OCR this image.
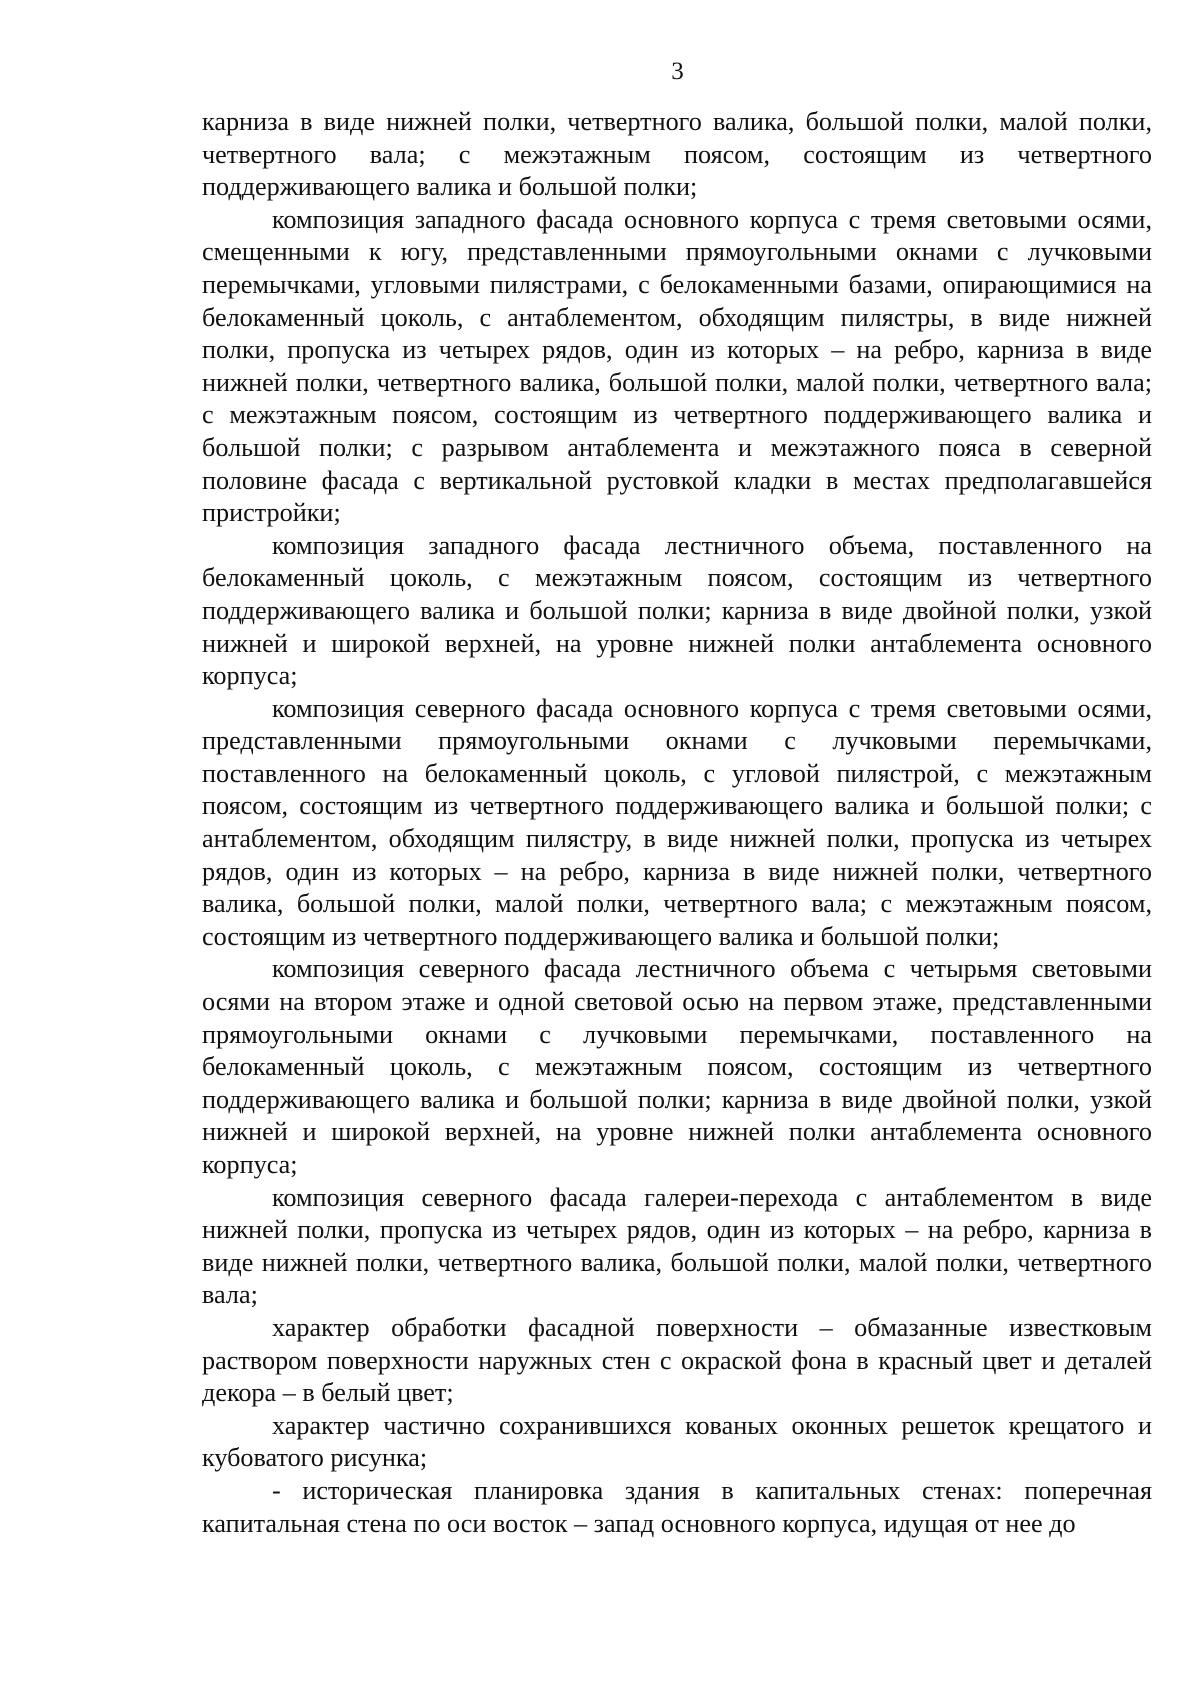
3

карниза в виде нижней полки, четвертного валика, большой полки, малой полки, четвертного вала; с межэтажным поясом, состоящим из четвертного поддерживающего валика и большой полки;

композиция западного фасада основного корпуса с тремя световыми осями, смещенными к югу, представленными прямоугольными окнами с лучковыми перемычками, угловыми пилястрами, с белокаменными базами, опирающимися на белокаменный цоколь, с антаблементом, обходящим пилястры, в виде нижней полки, пропуска из четырех рядов, один из которых – на ребро, карниза в виде нижней полки, четвертного валика, большой полки, малой полки, четвертного вала; с межэтажным поясом, состоящим из четвертного поддерживающего валика и большой полки; с разрывом антаблемента и межэтажного пояса в северной половине фасада с вертикальной рустовкой кладки в местах предполагавшейся пристройки;

композиция западного фасада лестничного объема, поставленного на белокаменный цоколь, с межэтажным поясом, состоящим из четвертного поддерживающего валика и большой полки; карниза в виде двойной полки, узкой нижней и широкой верхней, на уровне нижней полки антаблемента основного корпуса;

композиция северного фасада основного корпуса с тремя световыми осями, представленными прямоугольными окнами с лучковыми перемычками, поставленного на белокаменный цоколь, с угловой пилястрой, с межэтажным поясом, состоящим из четвертного поддерживающего валика и большой полки; с антаблементом, обходящим пилястру, в виде нижней полки, пропуска из четырех рядов, один из которых – на ребро, карниза в виде нижней полки, четвертного валика, большой полки, малой полки, четвертного вала; с межэтажным поясом, состоящим из четвертного поддерживающего валика и большой полки;

композиция северного фасада лестничного объема с четырьмя световыми осями на втором этаже и одной световой осью на первом этаже, представленными прямоугольными окнами с лучковыми перемычками, поставленного на белокаменный цоколь, с межэтажным поясом, состоящим из четвертного поддерживающего валика и большой полки; карниза в виде двойной полки, узкой нижней и широкой верхней, на уровне нижней полки антаблемента основного корпуса;

композиция северного фасада галереи-перехода с антаблементом в виде нижней полки, пропуска из четырех рядов, один из которых – на ребро, карниза в виде нижней полки, четвертного валика, большой полки, малой полки, четвертного вала;

характер обработки фасадной поверхности – обмазанные известковым раствором поверхности наружных стен с окраской фона в красный цвет и деталей декора – в белый цвет;

характер частично сохранившихся кованых оконных решеток крещатого и кубоватого рисунка;

- историческая планировка здания в капитальных стенах: поперечная капитальная стена по оси восток – запад основного корпуса, идущая от нее до
